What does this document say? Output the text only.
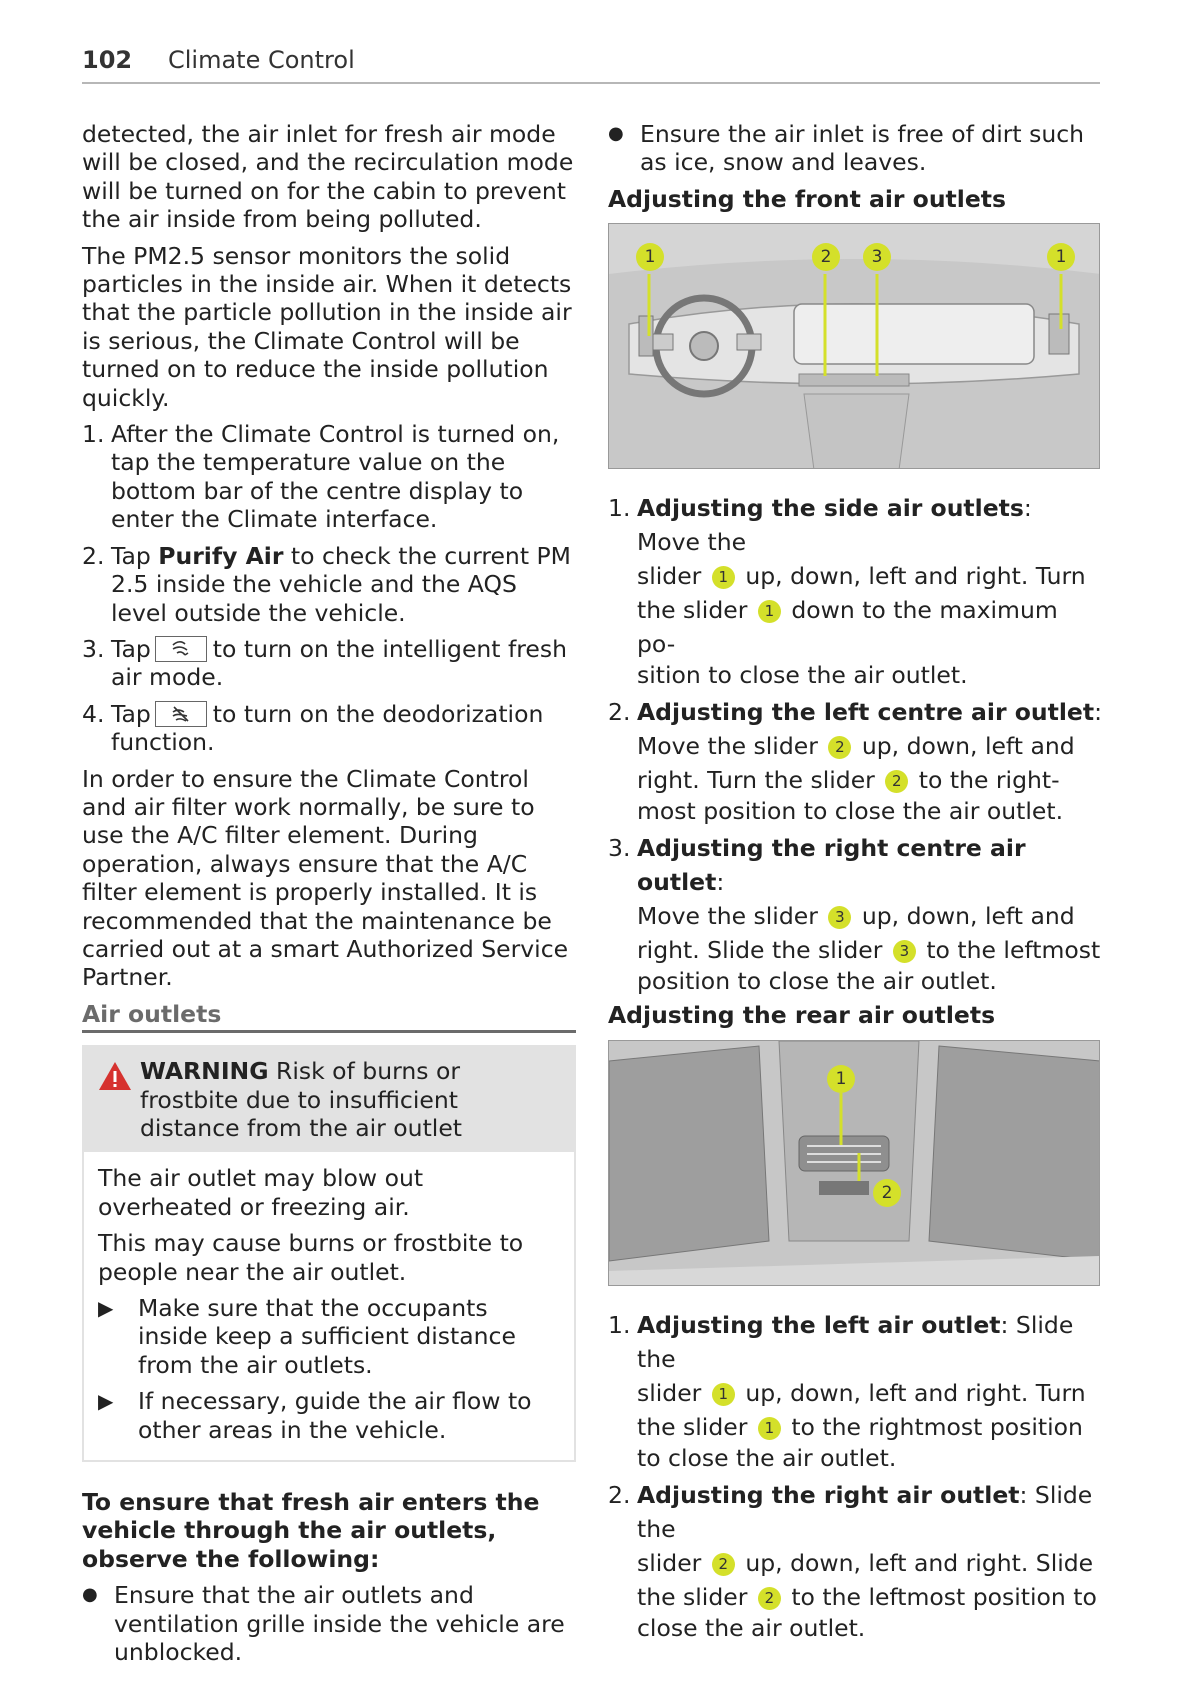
102 Climate Control

detected, the air inlet for fresh air mode will be closed, and the recirculation mode will be turned on for the cabin to prevent the air inside from being polluted.

The PM2.5 sensor monitors the solid particles in the inside air. When it detects that the particle pollution in the inside air is serious, the Climate Control will be turned on to reduce the inside pollution quickly.

1. After the Climate Control is turned on, tap the temperature value on the bottom bar of the centre display to enter the Climate interface.
2. Tap Purify Air to check the current PM 2.5 inside the vehicle and the AQS level outside the vehicle.
3. Tap	to turn on the intelligent fresh air mode.
4. Tap	to turn on the deodorization function.

In order to ensure the Climate Control and air filter work normally, be sure to use the A/C filter element. During operation, always ensure that the A/C filter element is properly installed. It is recommended that the maintenance be carried out at a smart Authorized Service Partner.

Air outlets
WARNING Risk of burns or frostbite due to insufficient distance from the air outlet

The air outlet may blow out overheated or freezing air.

This may cause burns or frostbite to people near the air outlet.

▶	Make sure that the occupants inside keep a sufficient distance from the air outlets.
▶	If necessary, guide the air flow to other areas in the vehicle.
To ensure that fresh air enters the vehicle through the air outlets, observe the following:
● Ensure that the air outlets and ventilation grille inside the vehicle are unblocked.
● Ensure the air inlet is free of dirt such as ice, snow and leaves.
Adjusting the front air outlets
1	2	3	1
1. Adjusting the side air outlets: Move the
slider 1 up, down, left and right. Turn
the slider 1 down to the maximum po-
sition to close the air outlet.
2. Adjusting the left centre air outlet:
Move the slider 2 up, down, left and
right. Turn the slider 2 to the right-
most position to close the air outlet.
3. Adjusting the right centre air outlet:
Move the slider 3 up, down, left and
right. Slide the slider 3 to the leftmost
position to close the air outlet.
Adjusting the rear air outlets
1
2
1. Adjusting the left air outlet: Slide the
slider 1 up, down, left and right. Turn
the slider 1 to the rightmost position
to close the air outlet.
2. Adjusting the right air outlet: Slide the
slider 2 up, down, left and right. Slide
the slider 2 to the leftmost position to
close the air outlet.
